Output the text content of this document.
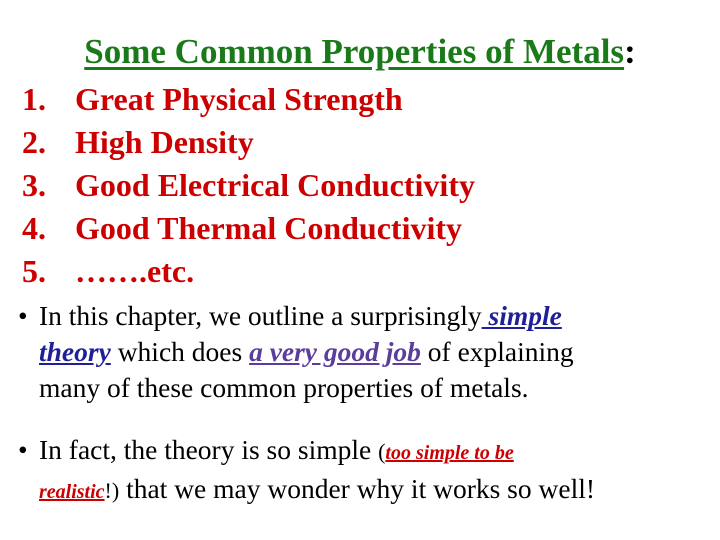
Some Common Properties of Metals:
1. Great Physical Strength
2. High Density
3. Good Electrical Conductivity
4. Good Thermal Conductivity
5. …….etc.
• In this chapter, we outline a surprisingly simple
theory which does a very good job of explaining
many of these common properties of metals.
• In fact, the theory is so simple (too simple to be
realistic!) that we may wonder why it works so well!
